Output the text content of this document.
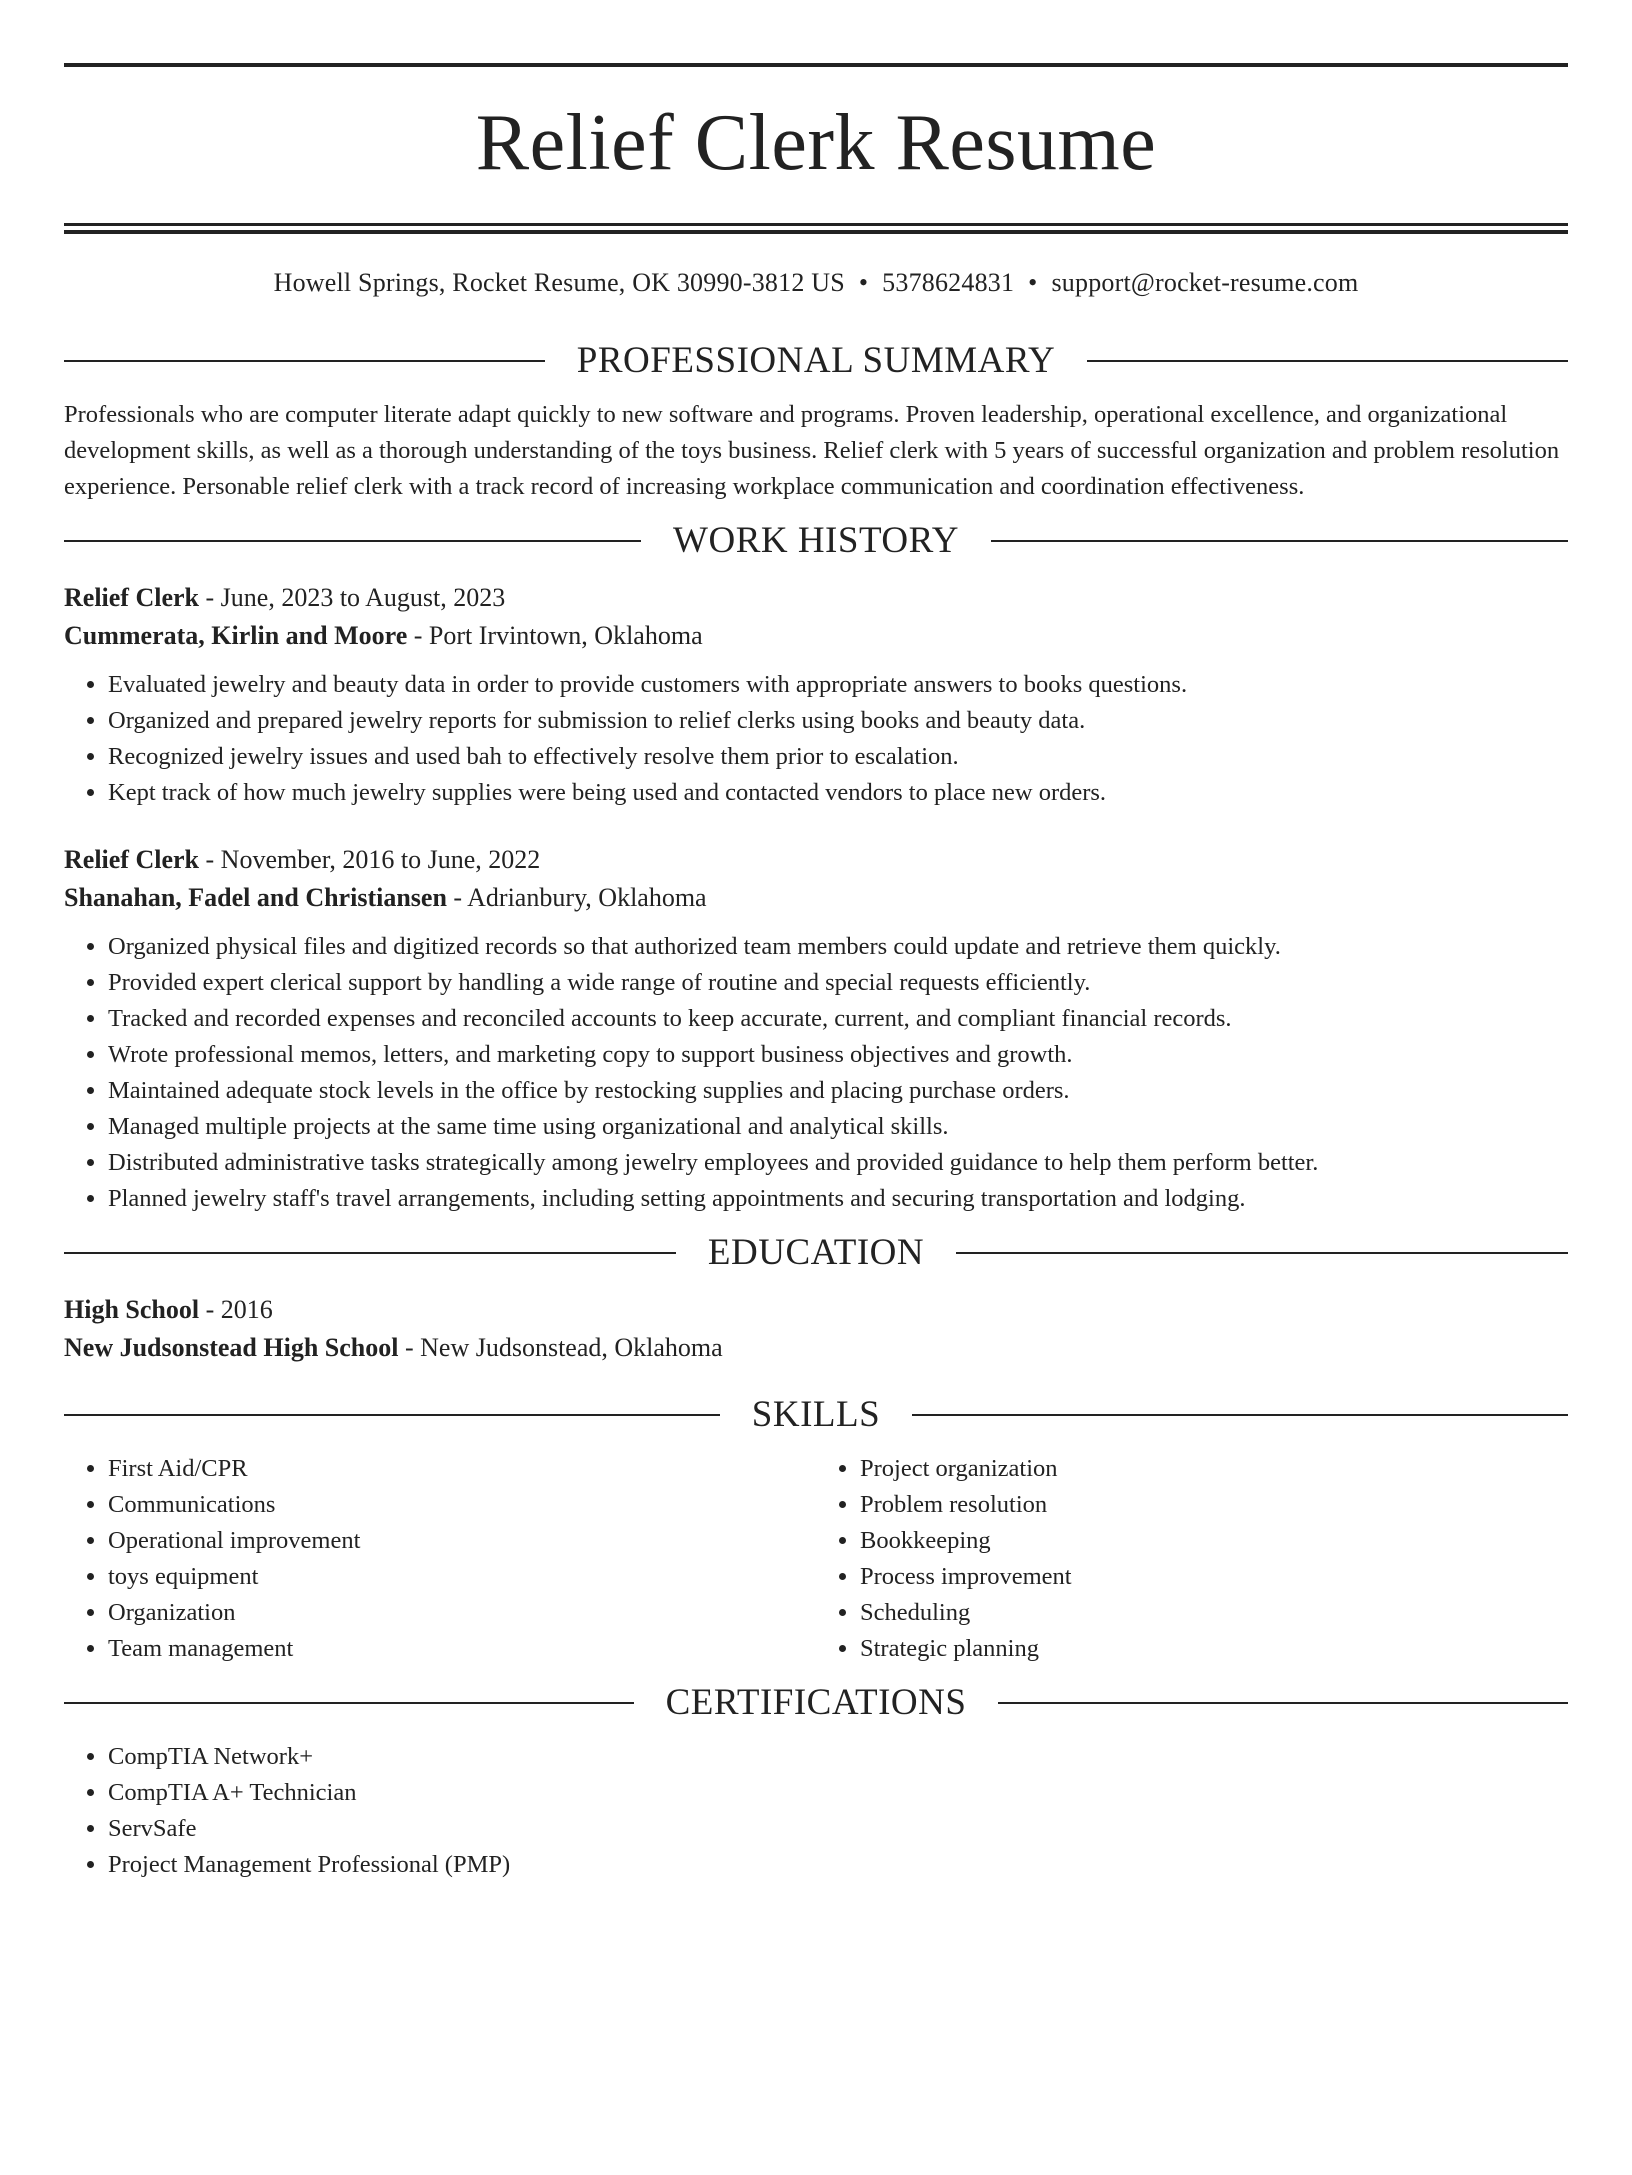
Relief Clerk Resume
Howell Springs, Rocket Resume, OK 30990-3812 US • 5378624831 • support@rocket-resume.com
PROFESSIONAL SUMMARY

Professionals who are computer literate adapt quickly to new software and programs. Proven leadership, operational excellence, and organizational development skills, as well as a thorough understanding of the toys business. Relief clerk with 5 years of successful organization and problem resolution experience. Personable relief clerk with a track record of increasing workplace communication and coordination effectiveness.

WORK HISTORY
Relief Clerk - June, 2023 to August, 2023
Cummerata, Kirlin and Moore - Port Irvintown, Oklahoma
• Evaluated jewelry and beauty data in order to provide customers with appropriate answers to books questions.
• Organized and prepared jewelry reports for submission to relief clerks using books and beauty data.
• Recognized jewelry issues and used bah to effectively resolve them prior to escalation.
• Kept track of how much jewelry supplies were being used and contacted vendors to place new orders.
Relief Clerk - November, 2016 to June, 2022
Shanahan, Fadel and Christiansen - Adrianbury, Oklahoma
• Organized physical files and digitized records so that authorized team members could update and retrieve them quickly.
• Provided expert clerical support by handling a wide range of routine and special requests efficiently.
• Tracked and recorded expenses and reconciled accounts to keep accurate, current, and compliant financial records.
• Wrote professional memos, letters, and marketing copy to support business objectives and growth.
• Maintained adequate stock levels in the office by restocking supplies and placing purchase orders.
• Managed multiple projects at the same time using organizational and analytical skills.
• Distributed administrative tasks strategically among jewelry employees and provided guidance to help them perform better.
• Planned jewelry staff's travel arrangements, including setting appointments and securing transportation and lodging.
EDUCATION
High School - 2016
New Judsonstead High School - New Judsonstead, Oklahoma
SKILLS
• First Aid/CPR
• Communications
• Operational improvement
• toys equipment
• Organization
• Team management
• Project organization
• Problem resolution
• Bookkeeping
• Process improvement
• Scheduling
• Strategic planning
CERTIFICATIONS
• CompTIA Network+
• CompTIA A+ Technician
• ServSafe
• Project Management Professional (PMP)
